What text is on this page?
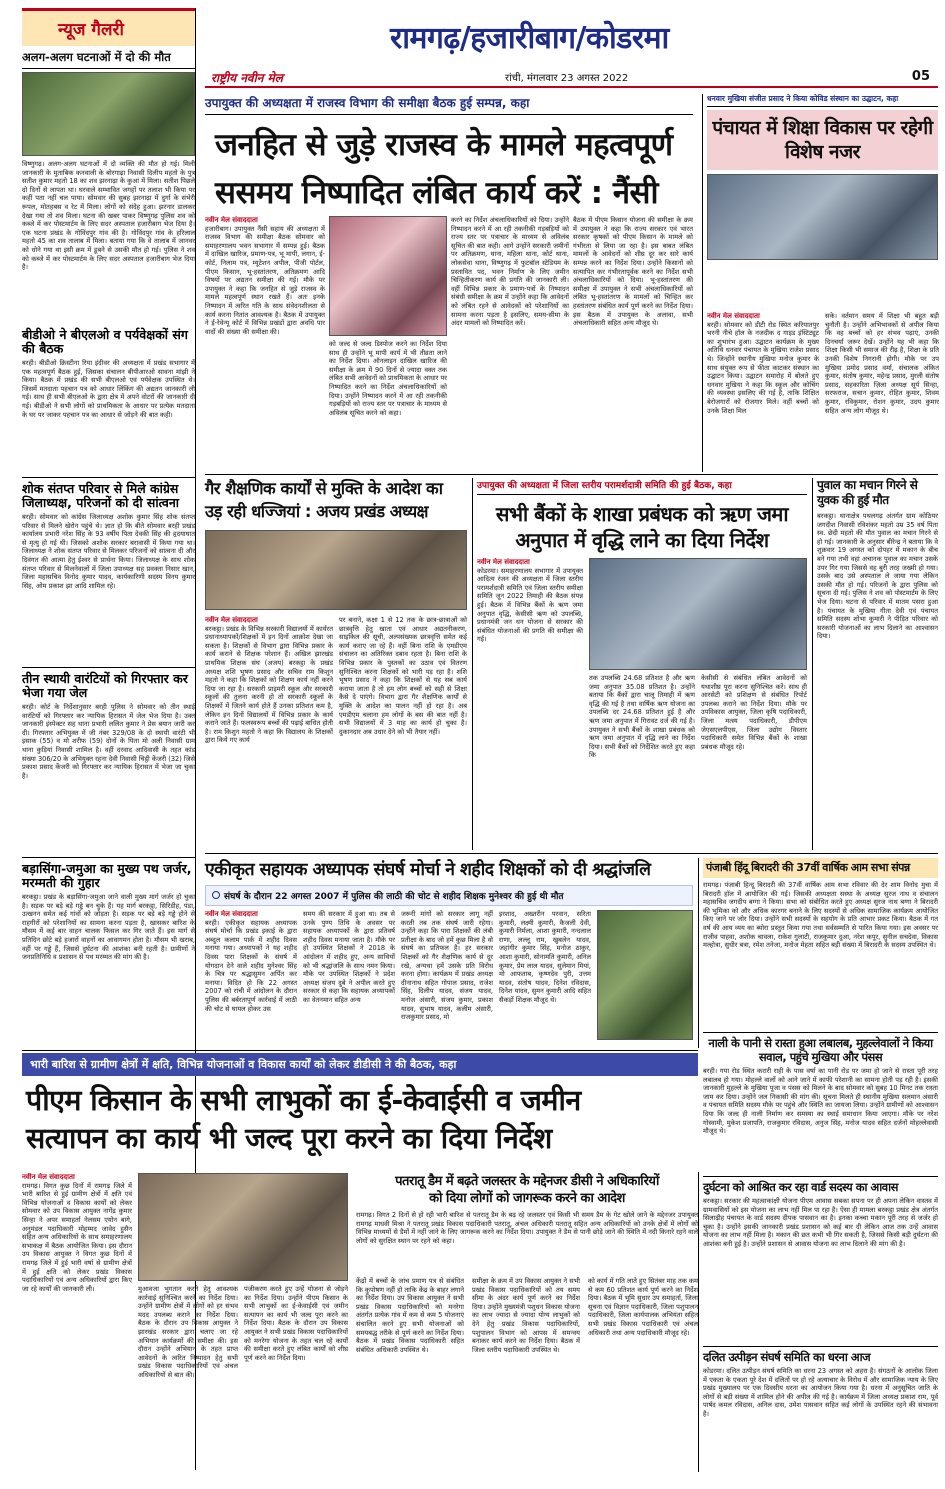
रामगढ़/हजारीबाग/कोडरमा
राष्ट्रीय नवीन मेल	रांची, मंगलवार 23 अगस्त 2022	05
न्यूज गैलरी
अलग-अलग घटनाओं में दो की मौत
विष्णुगढ़। अलग-अलग घटनाओं में दो व्यक्ति की मौत हो गई। मिली जानकारी के मुताबिक कनवाली के बोरगाढ़ा निवासी दिलीप महतो के पुत्र सतीश कुमार महतो 18 का शव झरनाढ़ा के कुआं में मिला। सतीश पिछले दो दिनों से लापता था। घरवाले सम्भावित जगहों पर तलाश भी किया पर कहीं पता नहीं चल पाया। सोमवार की सुबह झरनाढ़ा में दुर्गा के संभेरी रूपल, मोतहबस व रेट में मिला। लोगों को संदेह हुआ। झरनार डालकर देखा गया तो शव मिला। घटना की खबर पाकर विष्णुगढ़ पुलिस शव को कब्जे में कर पोस्टमार्टम के लिए सदर अस्पताल हजारीबाग भेज दिया है। एक घटना प्रखंड के गोविंदपुर गांव की है। गोविंदपुर गांव के हरिलाल महतो 45 का शव तालाब में मिला। बताया गया कि वे तालाब में जानवर को धोने गया था इसी क्रम में डूबने से उसकी मौत हो गई। पुलिस ने शव को कब्जे में कर पोस्टमार्टम के लिए सदर अस्पताल हजारीबाग भेज दिया है।
बीडीओ ने बीएलओ व पर्यवेक्षकों संग की बैठक
बरही। बीडीओ क्रिस्टीना रिया इंदीवर की अध्यक्षता में प्रखंड सभागार में एक महत्वपूर्ण बैठक हुई, जिसका संचालन बीपीआरओ सावना मांझी ने किया। बैठक में प्रखंड की सभी बीएलओ एवं पर्यवेक्षक उपस्थित थे। जिसमें मतदाता पहचान पत्र को आधार लिंकिंग की अद्यतन जानकारी ली गई। साथ ही सभी बीएलओ के द्वारा क्षेत्र में अपने वोटरों की जानकारी दी गई। बीडीओ ने सभी लोगों को प्राथमिकता के आधार पर प्रत्येक मतदाता के घर पर जाकर पहचान पत्र का आधार से जोड़ने की बात कही।
शोक संतप्त परिवार से मिले कांग्रेस जिलाध्यक्ष, परिजनों को दी सांत्वना
बरही। सोमवार को कांग्रेस जिलाध्यक्ष अशोक कुमार सिंह शोक संतप्त परिवार से मिलने खेरोन पहुंचे थे। ज्ञात हो कि बीते सोमवार बरही प्रखंड कार्यालय प्रभारी नरेश सिंह के 93 वर्षीय पिता देवकी सिंह की हृदयाघात से मृत्यु हो गई थी। जिसको अशोक सरकार बरावासी में किया गया था। जिलाध्यक्ष ने शोक संतप्त परिवार से मिलकर परिजनों को सांत्वना दी और दिवंगत की आत्मा हेतु ईश्वर से प्रार्थना किया। जिलाध्यक्ष के साथ शोक संतप्त परिवार से मिलनेवालों में जिला उपाध्यक्ष सह प्रवक्ता निसार खान, जिला महासचिव विनोद कुमार यादव, कार्यकारिणी सदस्य विनय कुमार सिंह, ओम प्रकाश झा आदि शामिल रहे।
तीन स्थायी वारंटियों को गिरफ्तार कर भेजा गया जेल
बरही। कोर्ट के निर्देशानुसार बरही पुलिस ने सोमवार को तीन स्थाई वारंटियों को गिरफ्तार कर न्यायिक हिरासत में जेल भेज दिया है। उक्त जानकारी इंस्पेक्टर सह थाना प्रभारी ललित कुमार ने प्रेस बयान जारी कर दी। गिरफ्तार अभियुक्त में जी नंबर 329/08 के दो स्थायी वारंटी भी इसाक (55) व मो शरीफ (59) दोनों के पिता मो अली निवासी ग्राम थाना कुड़ियां निवासी शामिल है। वहीं दरवाद आदिवासी के तहत कांड संख्या 306/20 के अभियुक्त रहना देवी निवासी चिट्ठी केंजरी (32) जिसे प्रकाश प्रसाद केंजरी को गिरफ्तार कर न्यायिक हिरासत में भेजा जा चुका है।
बड़ासिंगा-जमुआ का मुख्य पथ जर्जर, मरम्मती की गुहार
बरकट्ठा। प्रखंड के बड़ासिंगा-जमुआ जाने वाली मुख्य मार्ग जर्जर हो चुका है। सड़क पर बड़े बड़े गड्ढे बन चुके हैं। यह मार्ग बरकट्ठा, सिरिडीह, पंडा, उत्खनन समेत कई गांवों को जोड़ता है। सड़क पर बड़े बड़े गड्ढे होने से राहगीरों को परेशानियों का सामना करना पड़ता है, खासकर बारिश के मौसम में कई बार वाहन चालक फिसल कर गिर जाते हैं। इस मार्ग से प्रतिदिन छोटे बड़े हजारों वाहनों का आवागमन होता है। मौसम भी खराब, वहीं पर गड्ढे हैं, जिससे दुर्घटना की आशंका बनी रहती है। ग्रामीणों ने जनप्रतिनिधि व प्रशासन से पथ मरम्मत की मांग की है।
उपायुक्त की अध्यक्षता में राजस्व विभाग की समीक्षा बैठक हुई सम्पन्न, कहा
जनहित से जुड़े राजस्व के मामले महत्वपूर्ण
ससमय निष्पादित लंबित कार्य करें : नैंसी
नवीन मेल संवाददाता
हजारीबाग। उपायुक्त नैंसी सहाय की अध्यक्षता में राजस्व विभाग की समीक्षा बैठक सोमवार को समाहरणालय भवन सभागार में सम्पन्न हुई। बैठक में दाखिल खारिज, प्रमाण-पत्र, भू मापी, लगान, ई-कोर्ट, निलाम पत्र, म्यूटेशन अपील, पीजी पोर्टल, पीएम किसान, भू-हस्तांतरण, अतिक्रमण आदि विषयों पर अद्यतन समीक्षा की गई। मौके पर उपायुक्त ने कहा कि जनहित से जुड़े राजस्व के मामले महत्वपूर्ण स्थान रखते हैं। अतः इनके निष्पादन में त्वरित गति के साथ संवेदनशीलता से कार्य करना नितांत आवश्यक है। बैठक में उपायुक्त ने ई-रेवेन्यू कोर्ट में विभिन्न प्रखंडों द्वारा अवधि पार वादों की संख्या की समीक्षा की।
को जल्द से जल्द डिस्पोज करने का निर्देश दिया साथ ही उन्होंने भू मापी कार्य में भी तीव्रता लाने का निर्देश दिया। ऑनलाइन दाखिल खारिज की समीक्षा के क्रम में 90 दिनों से ज्यादा वक्त तक लंबित सभी आवेदनों को प्राथमिकता के आधार पर निष्पादित करने का निर्देश अंचलाधिकारियों को दिया। उन्होंने निष्पादन करने में आ रही तकनीकी गड़बड़ियों को राज्य स्तर पर पत्राचार के माध्यम से अविलंब सूचित करने को कहा।
करने का निर्देश अंचलाधिकारियों को दिया। उन्होंने निष्पादन करने में आ रही तकनीकी गड़बड़ियों को राज्य स्तर पर पत्राचार के माध्यम से अविलंब सूचित की बात कही। आगे उन्होंने सरकारी जमीनों पर अतिक्रमण, थाना, महिला थाना, कोर्ट थाना, लोकसेवा थाना, विष्णुगढ़ में फुटबॉल स्टेडियम के प्रस्तावित पद, भवन निर्माण के लिए जमीन चिन्हितीकरण कार्य की प्रगति की जानकारी ली। वहीं विभिन्न प्रकार के प्रमाण-पत्रों के निष्पादन संबंधी समीक्षा के क्रम में उन्होंने कहा कि आवेदनों को लंबित रहने से आवेदकों को परेशानियों का सामना करना पड़ता है इसलिए, समय-सीमा के अंदर मामलों को निष्पादित करें।
बैठक में पीएम किसान योजना की समीक्षा के क्रम में उपायुक्त ने कहा कि राज्य सरकार एवं भारत सरकार कृषकों को पीएम किसान के मामले को गंभीरता से लिया जा रहा है। इस बाबत लंबित मामलों के आवेदनों को शीघ्र दूर कर सारे कार्य सम्पन्न करने का निर्देश दिया। उन्होंने किसानों को सत्यापित कर गंभीरतापूर्वक करने का निर्देश सभी अंचलाधिकारियों को दिया। भू-हस्तांतरण की समीक्षा में उपायुक्त ने सभी अंचलाधिकारियों को लंबित भू-हस्तांतरण के मामलों को चिन्हित कर हस्तांतरण संबंधित कार्य पूर्ण करने का निर्देश दिया। इस बैठक में उपायुक्त के अलावा, सभी अंचलाधिकारी सहित अन्य मौजूद थे।
धनवार मुखिया संजीत प्रसाद ने किया कोविड संस्थान का उद्घाटन, कहा
पंचायत में शिक्षा विकास पर रहेगी विशेष नजर
नवीन मेल संवाददाता
बरही। सोमवार को डीटी रोड स्थित करियातपुर भरनी नीचे हॉल के नजदीक द गाइड इंस्टिट्यूट का शुभारंभ हुआ। उद्घाटन कार्यक्रम के मुख्य अतिथि धनवार पंचायत के मुखिया राजेश प्रसाद थे। जिन्होंने स्थानीय मुखिया मनोज कुमार के साथ संयुक्त रूप से फीता काटकर संस्थान का उद्घाटन किया। उद्घाटन समारोह में बोलते हुए धनवार मुखिया ने कहा कि स्कूल और कोचिंग की व्यवस्था इसलिए की गई है, ताकि शिक्षित बेरोजगारों को रोजगार मिले। वहीं बच्चों को उनके शिक्षा मिल
सके। वर्तमान समय में शिक्षा भी बहुत बड़ी चुनौती है। उन्होंने अभिभावकों से अपील किया कि वह बच्चों को हर संभव पढ़ाएं, उनकी दिनचर्या जरूर देखें। उन्होंने यह भी कहा कि शिक्षा किसी भी समाज की रीढ़ है, शिक्षा के प्रति उनकी विशेष निगरानी होगी। मौके पर उप मुखिया प्रमोद प्रसाद वर्मा, संचालक अंकित कुमार, संतोष कुमार, महेन्द्र प्रसाद, मुरली संतोष प्रसाद, सहकारिता ज़िला अध्यक्ष सूर्य सिन्हा, सरफराज, सचान कुमार, रोहित कुमार, शिवम कुमार, रविकुमार, रोशन कुमार, उदय कुमार सहित अन्य लोग मौजूद थे।
गैर शैक्षणिक कार्यों से मुक्ति के आदेश का
उड़ रही धज्जियां : अजय प्रखंड अध्यक्ष
नवीन मेल संवाददाता
बरकट्ठा। प्रखंड के विभिन्न सरकारी विद्यालयों में कार्यरत प्रधानाध्यापकों/शिक्षकों में इन दिनों आक्रोश देखा जा सकता है। शिक्षकों से विभाग द्वारा विभिन्न प्रकार के कार्य कराने से शिक्षक परेशान हैं। अखिल झारखंड प्राथमिक शिक्षक संघ (अजय) बरकट्ठा के प्रखंड अध्यक्ष शशि भूषण प्रसाद और सचिव राम किशुन महतो ने कहा कि शिक्षकों को शिक्षण कार्य नहीं करने दिया जा रहा है। सरकारी प्राइमरी स्कूल और सरकारी स्कूलों की तुलना करनी हो तो सरकारी स्कूलों के शिक्षकों में जितने कार्य होते हैं उनका प्रतिशत कम है, लेकिन इन दिनों विद्यालयों में विभिन्न प्रकार के कार्य कराने जाते हैं। फलस्वरूप बच्चों की पढ़ाई बाधित होती है। राम किशुन महतो ने कहा कि विद्यालय के शिक्षकों द्वारा किये गए कार्य
पर बनाने, कक्षा 1 से 12 तक के छात्र-छात्राओं को छात्रवृत्ति हेतु खाता एवं आधार अद्यतनीकरण, साइकिल की सूची, अल्पसंख्यक छात्रवृत्ति समेत कई कार्य कराए जा रहे हैं। वहीं बिना राशि के एमडीएम संचालन का अतिरिक्त दबाव रहता है। बिना राशि के विभिन्न प्रकार के पुस्तकों का उठाव एवं वितरण सुनिश्चित करना शिक्षकों को भारी पड़ रहा है। शशि भूषण प्रसाद ने कहा कि शिक्षकों से यह सब कार्य कराया जाता है तो हम लोग बच्चों को सही से शिक्षा कैसे दे पाएंगे। विभाग द्वारा गैर शैक्षणिक कार्यों से मुक्ति के आदेश का पालन नहीं हो रहा है। अब एमडीएम चलाना हम लोगों के बस की बात नहीं है। सभी विद्यालयों में 3 माह का कार्य हो चुका है। दुकानदार अब उधार देने को भी तैयार नहीं।
उपायुक्त की अध्यक्षता में जिला स्तरीय परामर्शदात्री समिति की हुई बैठक, कहा
सभी बैंकों के शाखा प्रबंधक को ऋण जमा
अनुपात में वृद्धि लाने का दिया निर्देश
नवीन मेल संवाददाता
कोडरमा। समाहरणालय सभागार में उपायुक्त आदित्य रंजन की अध्यक्षता में जिला स्तरीय परामर्शदात्री समिति एवं जिला स्तरीय समीक्षा समिति जून 2022 तिमाही की बैठक संपन्न हुई। बैठक में विभिन्न बैंकों के ऋण जमा अनुपात वृद्धि, केसीसी ऋण को उपलब्धि, प्रधानमंत्री जन धन योजना से सरकार की संबंधित योजनाओं की प्रगति की समीक्षा की गई।
तक उपलब्धि 24.68 प्रतिशत है और ऋण जमा अनुपात 35.08 प्रतिशत है। उन्होंने बताया कि बैंकों द्वारा चालू तिमाही में ऋण वृद्धि की गई है तथा वार्षिक ऋण योजना का उपलब्धि दर 24.68 प्रतिशत हुई है और ऋण जमा अनुपात में गिरावट दर्ज की गई है। उपायुक्त ने सभी बैंकों के शाखा प्रबंधक को ऋण जमा अनुपात में वृद्धि लाने का निर्देश दिया। सभी बैंकों को निर्देशित करते हुए कहा कि
केसीसी से संबंधित लंबित आवेदनों को यथाशीघ्र पूरा करना सुनिश्चित करें। साथ ही आरसेटी को प्रशिक्षण से संबंधित रिपोर्ट उपलब्ध कराने का निर्देश दिया। मौके पर उपविकास आयुक्त, जिला कृषि पदाधिकारी, जिला मत्स्य पदाधिकारी, डीपीएम जेएसएलपीएस, जिला उद्योग विस्तार पदाधिकारी समेत विभिन्न बैंकों के शाखा प्रबंधक मौजूद रहे।
पुवाल का मचान गिरने से युवक की हुई मौत
बरकट्ठा। थानाक्षेत्र पथलगढ़ अंतर्गत ग्राम कोठियर जगदीश निवासी रविशंकर महतो उम्र 35 वर्ष पिता स्व. छेदी महतो की मौत पुवाल का मचान गिरने से हो गई। जानकारी के अनुसार बीरेन्द्र ने बताया कि वे शुक्रवार 19 अगस्त को दोपहर में मकान के बीच बने गया तभी वहां अचानक पुवाल का मचान उसके उपर गिर गया जिससे वह बुरी तरह जख्मी हो गया। उसके बाद उसे अस्पताल ले जाया गया लेकिन उसकी मौत हो गई। परिजनों के द्वारा पुलिस को सूचना दी गई। पुलिस ने शव को पोस्टमार्टम के लिए भेज दिया। घटना से परिवार में मातम पसरा हुआ है। पंचायत के मुखिया गीता देवी एवं पंचायत समिति सदस्य शोभा कुमारी ने पीड़ित परिवार को सरकारी योजनाओं का लाभ दिलाने का आश्वासन दिया।
एकीकृत सहायक अध्यापक संघर्ष मोर्चा ने शहीद शिक्षकों को दी श्रद्धांजलि
संघर्ष के दौरान 22 अगस्त 2007 में पुलिस की लाठी की चोट से शहीद शिक्षक मुनेश्वर की हुई थी मौत
नवीन मेल संवाददाता
बरही। एकीकृत सहायक अध्यापक संघर्ष मोर्चा कि प्रखंड इकाई के द्वारा अब्दुल कलाम पार्क में शहीद दिवस मनाया गया। अध्यापकों ने यह शहीद दिवस पारा शिक्षकों के संघर्ष में योगदान देने वाले शहीद मुनेश्वर सिंह के चित्र पर श्रद्धासुमन अर्पित कर मनाया। विदित हो कि 22 अगस्त 2007 को रांची में आंदोलन के दौरान पुलिस की बर्बरतापूर्ण कार्रवाई में लाठी की चोट से घायल होकर उस
समय की सरकार में हुआ था। तब से उनके पुण्य तिथि के अवसर पर सहायक अध्यापकों के द्वारा प्रतिवर्ष शहीद दिवस मनाया जाता है। मौके पर हो उपस्थित शिक्षकों ने 2018 के आंदोलन में शहीद हुए, अन्य साथियों को भी श्रद्धांजलि के साथ नमन किया। मौके पर उपस्थित शिक्षकों ने प्रदेश अध्यक्ष संजय दुबे ने अपील करते हुए सरकार से कहा कि सहायक अध्यापकों का वेतनमान सहित अन्य
जरूरी मांगों को सरकार लागू नहीं करती तब तक संघर्ष जारी रहेगा। उन्होंने कहा कि पारा शिक्षकों की लंबी प्रतीक्षा के बाद जो हमें कुछ मिला है वो संघर्ष का प्रतिफल है। हर सरकार शिक्षकों को गैर शैक्षणिक कार्य से दूर रखे, अन्यथा हमें उसके प्रति विरोध करना होगा। कार्यक्रम में प्रखंड अध्यक्ष दीनानाथ सहित गोपाल प्रसाद, राजेश सिंह, दिलीप यादव, संजय यादव, मनोज अंसारी, संजय कुमार, प्रकाश यादव, सुभाष यादव, कलीम अंसारी, राजकुमार प्रसाद, मो
इरशाद, अख्तरीन परवान, सरिता कुमारी, लक्ष्मी कुमारी, कैजली देवी, कुमारी निर्मला, आशा कुमारी, नन्दलाल राणा, लल्लू राम, खुबलेन यादव, जहांगीर कुमार सिंह, मनोज ठाकुर, आशा कुमारी, सोनामति कुमारी, अनिल कुमार, प्रेम लाल यादव, सुलेमान मियां, मो आफताब, कृष्णदेव पुरी, उत्तम यादव, संतोष यादव, दिनेश रविदास, दिनेश यादव, सुमन कुमारी आदि सहित सैकड़ों शिक्षक मौजूद थे।
पंजाबी हिंदू बिरादरी की 37वीं वार्षिक आम सभा संपन्न
रामगढ़। पंजाबी हिन्दू बिरादरी की 37वीं वार्षिक आम सभा रविवार की देर शाम विनोद मुचा में बिरादरी हॉल में आयोजित की गई। जिसकी अध्यक्षता सस्था के अध्यक्ष सुरज नाथ व संचालन महासचिव जगदीप बग्गा ने किया। सभा को संबोधित करते हुए अध्यक्ष सुरज नाथ बग्गा ने बिरादरी की भूमिका को और अधिक कारगर बनाने के लिए सदस्यों से अधिक सामाजिक कार्यक्रम आयोजित किए जाने पर जोर दिया। उन्होंने सभी सदस्यों के सहयोग के प्रति आभार प्रकट किया। बैठक में गत वर्ष की आय व्यय का ब्योरा प्रस्तुत किया गया तथा सर्वसम्मति से पारित किया गया। इस अवसर पर राजीव पाहवा, अशोक चावला, राकेश गुलाटी, राजकुमार दुआ, नरेश कपूर, सुनील सचदेवा, विकास मल्होत्रा, सुधीर बत्रा, रमेश तनेजा, मनोज मेहता सहित बड़ी संख्या में बिरादरी के सदस्य उपस्थित थे।
नाली के पानी से रास्ता हुआ लबालब, मुहल्लेवालों ने किया सवाल, पहुंचे मुखिया और पंसस
बरही। गया रोड स्थित करारी राही के पास वर्षा का पानी रोड पर जमा हो जाने से रास्ता पूरी तरह लबालब हो गया। मोहल्ले वालों को आने जाने में काफी परेशानी का सामना होती पड़ रही है। इसकी जानकारी मुहल्ले के मुखिया पूजा व पंसस को मिलने के बाद सोमवार को सुबह 10 मिनट तक रास्ता जाम कर दिया। उन्होंने जल निकासी की मांग की। सूचना मिलते ही स्थानीय मुखिया सलमान अंसारी व पंचायत समिति सदस्य मौके पर पहुंचे और स्थिति का जायजा लिया। उन्होंने ग्रामीणों को आश्वासन दिया कि जल्द ही नाली निर्माण कर समस्या का स्थाई समाधान किया जाएगा। मौके पर नरेश गोस्वामी, मुकेश प्रजापति, राजकुमार रविदास, अनुज सिंह, मनोज यादव सहित दर्जनों मोहल्लेवासी मौजूद थे।
भारी बारिश से ग्रामीण क्षेत्रों में क्षति, विभिन्न योजनाओं व विकास कार्यों को लेकर डीडीसी ने की बैठक, कहा
पीएम किसान के सभी लाभुकों का ई-केवाईसी व जमीन
सत्यापन का कार्य भी जल्द पूरा करने का दिया निर्देश
नवीन मेल संवाददाता
रामगढ़। विगत कुछ दिनों में रामगढ़ जिले में भारी बारिश से हुई ग्रामीण क्षेत्रों में क्षति एवं विभिन्न योजनाओं व विकास कार्यों को लेकर सोमवार को उप विकास आयुक्त नागेंद्र कुमार सिन्हा ने अपर समाहर्ता नेलसम एयोन बागे, अनुमंडल पदाधिकारी मोहम्मद जावेद हुसैन सहित अन्य अधिकारियों के साथ समाहरणालय सभाकक्ष में बैठक आयोजित किया। इस दौरान उप विकास आयुक्त ने विगत कुछ दिनों में रामगढ़ जिले में हुई भारी वर्षा से ग्रामीण क्षेत्रों में हुई क्षति को लेकर प्रखंड विकास पदाधिकारियों एवं अन्य अधिकारियों द्वारा किए जा रहे कार्यों की जानकारी ली।	मुआवजा भुगतान करने हेतु आवश्यक कार्रवाई सुनिश्चित करने का निर्देश दिया। उन्होंने ग्रामीण क्षेत्रों में लोगों को हर संभव मदद उपलब्ध कराने का निर्देश दिया। बैठक के दौरान उप विकास आयुक्त ने झारखंड सरकार द्वारा चलाए जा रहे अभियान कार्यक्रमों की समीक्षा की। इस दौरान उन्होंने अभियान के तहत प्राप्त आवेदनों के त्वरित निष्पादन हेतु सभी प्रखंड विकास पदाधिकारियों एवं अंचल अधिकारियों से बात की।
पंजीकरण करते हुए उन्हें योजना से जोड़ने का निर्देश दिया। उन्होंने पीएम किसान के सभी लाभुकों का ई-केवाईसी एवं जमीन सत्यापन का कार्य भी जल्द पूरा करने का निर्देश दिया। बैठक के दौरान उप विकास आयुक्त ने सभी प्रखंड विकास पदाधिकारियों को मनरेगा योजना के तहत चल रहे कार्यों की समीक्षा करते हुए लंबित कार्यों को शीघ्र पूर्ण करने का निर्देश दिया।
पतरातू डैम में बढ़ते जलस्तर के मद्देनजर डीसी ने अधिकारियों
को दिया लोगों को जागरूक करने का आदेश
रामगढ़। विगत 2 दिनों से हो रही भारी बारिश से पतरातू डैम के बढ़ रहे जलस्तर एवं किसी भी समय डैम के गेट खोले जाने के मद्देनजर उपायुक्त रामगढ़ माधवी मिश्रा ने पतरातू प्रखंड विकास पदाधिकारी पतरातू, अंचल अधिकारी पतरातू सहित अन्य अधिकारियों को उनके क्षेत्रों में लोगों को विभिन्न माध्यमों से डैमों में नहीं जाने के लिए जागरूक करने का निर्देश दिया। उपायुक्त ने डैम से पानी छोड़े जाने की स्थिति में नदी किनारे रहने वाले लोगों को सुरक्षित स्थान पर रहने को कहा।
केंद्रों में बच्चों के जांच प्रमाण पत्र से संबंधित कि कुपोषण नहीं हो ताकि केंद्र के बाहर लगाने का निर्देश दिया। उप विकास आयुक्त ने सभी प्रखंड विकास पदाधिकारियों को मनरेगा अंतर्गत प्रत्येक गांव में कम से कम 5 योजनाएं संचालित करने हुए सभी योजनाओं को समयबद्ध तरीके से पूर्ण करने का निर्देश दिया। बैठक में प्रखंड विकास पदाधिकारी सहित संबंधित अधिकारी उपस्थित थे।
समीक्षा के क्रम में उप विकास आयुक्त ने सभी प्रखंड विकास पदाधिकारियों को तय समय सीमा के अंदर कार्य पूर्ण करने का निर्देश दिया। उन्होंने मुख्यमंत्री पशुधन विकास योजना का लाभ ज्यादा से ज्यादा योग्य लाभुकों को देने हेतु प्रखंड विकास पदाधिकारियों, पशुपालन विभाग को आपस में समन्वय बनाकर कार्य करने का निर्देश दिया। बैठक में जिला स्तरीय पदाधिकारी उपस्थित थे।
को कार्य में गति लाते हुए सितंबर माह तक कम से कम 60 प्रतिशत कार्य पूर्ण करने का निर्देश दिया। बैठक में भूमि सुधार उप समाहर्ता, जिला सूचना एवं विज्ञान पदाधिकारी, जिला पशुपालन पदाधिकारी, जिला कार्यपालक अभियंता सहित सभी प्रखंड विकास पदाधिकारी एवं अंचल अधिकारी तथा अन्य पदाधिकारी मौजूद रहे।
दुर्घटना को आश्रित कर रहा वार्ड सदस्य का आवास
बरकट्ठा। सरकार की महत्वाकांक्षी योजना पीएम आवास सबका सपना पर ही अपना लेकिन वास्तव में ग्रामवासियों को इस योजना का लाभ नहीं मिल पा रहा है। ऐसा ही मामला बरकट्ठा प्रखंड क्षेत्र अंतर्गत सिलाढ़ीह पंचायत के वार्ड सदस्य दीपक पासवान का है। इनका कच्चा मकान पूरी तरह से जर्जर हो चुका है। उन्होंने इसकी जानकारी प्रखंड प्रशासन को कई बार दी लेकिन आज तक उन्हें आवास योजना का लाभ नहीं मिला है। मकान की छत कभी भी गिर सकती है, जिससे किसी बड़ी दुर्घटना की आशंका बनी हुई है। उन्होंने प्रशासन से आवास योजना का लाभ दिलाने की मांग की है।
दलित उत्पीड़न संघर्ष समिति का धरना आज
कोडरमा। दलित उत्पीड़न संघर्ष समिति का धरना 23 अगस्त को अहरा है। संगठनों के आलोक जिला में एकता के एकता पूरे देश में दलितों पर हो रहे अत्याचार के विरोध में और सामाजिक न्याय के लिए प्रखंड मुख्यालय पर एक दिवसीय धरना का आयोजन किया गया है। धरना में अनुसूचित जाति के लोगों से बड़ी संख्या में शामिल होने की अपील की गई है। कार्यक्रम में जिला अध्यक्ष प्रकाश राम, पूर्व पार्षद कमल रविदास, अनिल दास, उमेश पासवान सहित कई लोगों के उपस्थित रहने की संभावना है।
